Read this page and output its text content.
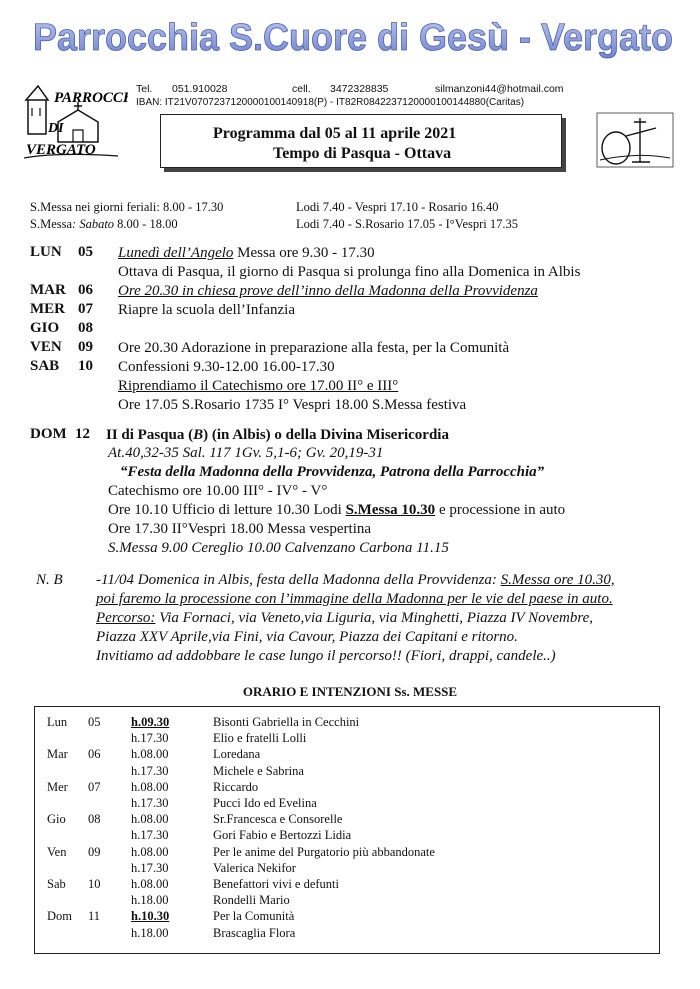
Parrocchia S.Cuore di Gesù - Vergato
PARROCC
DI
VERGATO
Tel. 051.910028	cell. 3472328835	silmanzoni44@hotmail.com
IBAN: IT21V0707237120000100140918(P) - IT82R0842237120000100144880(Caritas)
Programma dal 05 al 11 aprile 2021
Tempo di Pasqua - Ottava
S.Messa nei giorni feriali: 8.00 - 17.30	Lodi 7.40 - Vespri 17.10 - Rosario 16.40
S.Messa: Sabato 8.00 - 18.00	Lodi 7.40 - S.Rosario 17.05 - I°Vespri 17.35
LUN 05 Lunedì dell’Angelo Messa ore 9.30 - 17.30
Ottava di Pasqua, il giorno di Pasqua si prolunga fino alla Domenica in Albis
MAR 06 Ore 20.30 in chiesa prove dell’inno della Madonna della Provvidenza
MER 07 Riapre la scuola dell’Infanzia
GIO 08
VEN 09 Ore 20.30 Adorazione in preparazione alla festa, per la Comunità
SAB 10 Confessioni 9.30-12.00 16.00-17.30
Riprendiamo il Catechismo ore 17.00 II° e III°
Ore 17.05 S.Rosario 1735 I° Vespri 18.00 S.Messa festiva
DOM 12 II di Pasqua (B) (in Albis) o della Divina Misericordia
At.40,32-35 Sal. 117 1Gv. 5,1-6; Gv. 20,19-31
“Festa della Madonna della Provvidenza, Patrona della Parrocchia”
Catechismo ore 10.00 III° - IV° - V°
Ore 10.10 Ufficio di letture 10.30 Lodi S.Messa 10.30 e processione in auto
Ore 17.30 II°Vespri 18.00 Messa vespertina
S.Messa 9.00 Cereglio 10.00 Calvenzano Carbona 11.15
N. B -11/04 Domenica in Albis, festa della Madonna della Provvidenza: S.Messa ore 10.30,
poi faremo la processione con l’immagine della Madonna per le vie del paese in auto.
Percorso: Via Fornaci, via Veneto,via Liguria, via Minghetti, Piazza IV Novembre,
Piazza XXV Aprile,via Fini, via Cavour, Piazza dei Capitani e ritorno.
Invitiamo ad addobbare le case lungo il percorso!! (Fiori, drappi, candele..)
ORARIO E INTENZIONI Ss. MESSE
Lun 05 h.09.30	Bisonti Gabriella in Cecchini
h.17.30	Elio e fratelli Lolli
Mar 06 h.08.00	Loredana
h.17.30	Michele e Sabrina
Mer 07 h.08.00	Riccardo
h.17.30	Pucci Ido ed Evelina
Gio 08 h.08.00	Sr.Francesca e Consorelle
h.17.30	Gori Fabio e Bertozzi Lidia
Ven 09 h.08.00	Per le anime del Purgatorio più abbandonate
h.17.30	Valerica Nekifor
Sab 10 h.08.00	Benefattori vivi e defunti
h.18.00	Rondelli Mario
Dom 11 h.10.30	Per la Comunità
h.18.00	Brascaglia Flora
